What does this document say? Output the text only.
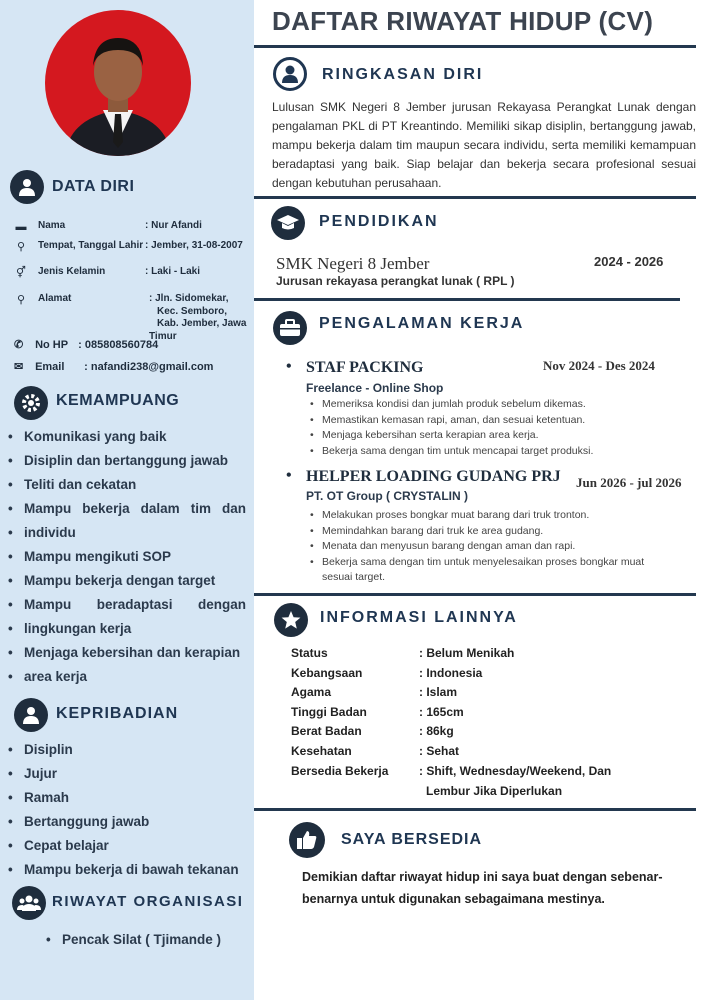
DATA DIRI
▬	Nama	: Nur Afandi
⚲	Tempat, Tanggal Lahir : Jember, 31-08-2007
⚥	Jenis Kelamin	: Laki - Laki
⚲	Alamat	: Jln. Sidomekar,
Kec. Semboro,
Kab. Jember, Jawa Timur
✆ No HP : 085808560784
✉ Email : nafandi238@gmail.com
KEMAMPUANG
• Komunikasi yang baik
• Disiplin dan bertanggung jawab
• Teliti dan cekatan
• Mampu bekerja dalam tim dan
• individu
• Mampu mengikuti SOP
• Mampu bekerja dengan target
• Mampu beradaptasi dengan
• lingkungan kerja
• Menjaga kebersihan dan kerapian
• area kerja
KEPRIBADIAN
• Disiplin
• Jujur
• Ramah
• Bertanggung jawab
• Cepat belajar
• Mampu bekerja di bawah tekanan
RIWAYAT ORGANISASI
• Pencak Silat ( Tjimande )
DAFTAR RIWAYAT HIDUP (CV)
RINGKASAN DIRI
Lulusan SMK Negeri 8 Jember jurusan Rekayasa Perangkat Lunak dengan pengalaman PKL di PT Kreantindo. Memiliki sikap disiplin, bertanggung jawab, mampu bekerja dalam tim maupun secara individu, serta memiliki kemampuan beradaptasi yang baik. Siap belajar dan bekerja secara profesional sesuai dengan kebutuhan perusahaan.
PENDIDIKAN
SMK Negeri 8 Jember	2024 - 2026
Jurusan rekayasa perangkat lunak ( RPL )
PENGALAMAN KERJA
• STAF PACKING	Nov 2024 - Des 2024
Freelance - Online Shop
• Memeriksa kondisi dan jumlah produk sebelum dikemas.
• Memastikan kemasan rapi, aman, dan sesuai ketentuan.
• Menjaga kebersihan serta kerapian area kerja.
• Bekerja sama dengan tim untuk mencapai target produksi.
• HELPER LOADING GUDANG PRJ Jun 2026 - jul 2026
PT. OT Group ( CRYSTALIN )
• Melakukan proses bongkar muat barang dari truk tronton.
• Memindahkan barang dari truk ke area gudang.
• Menata dan menyusun barang dengan aman dan rapi.
• Bekerja sama dengan tim untuk menyelesaikan proses bongkar muat sesuai target.
INFORMASI LAINNYA
Status	: Belum Menikah
Kebangsaan	: Indonesia
Agama	: Islam
Tinggi Badan	: 165cm
Berat Badan	: 86kg
Kesehatan	: Sehat
Bersedia Bekerja	: Shift, Wednesday/Weekend, Dan
Lembur Jika Diperlukan
SAYA BERSEDIA
Demikian daftar riwayat hidup ini saya buat dengan sebenar-benarnya untuk digunakan sebagaimana mestinya.
